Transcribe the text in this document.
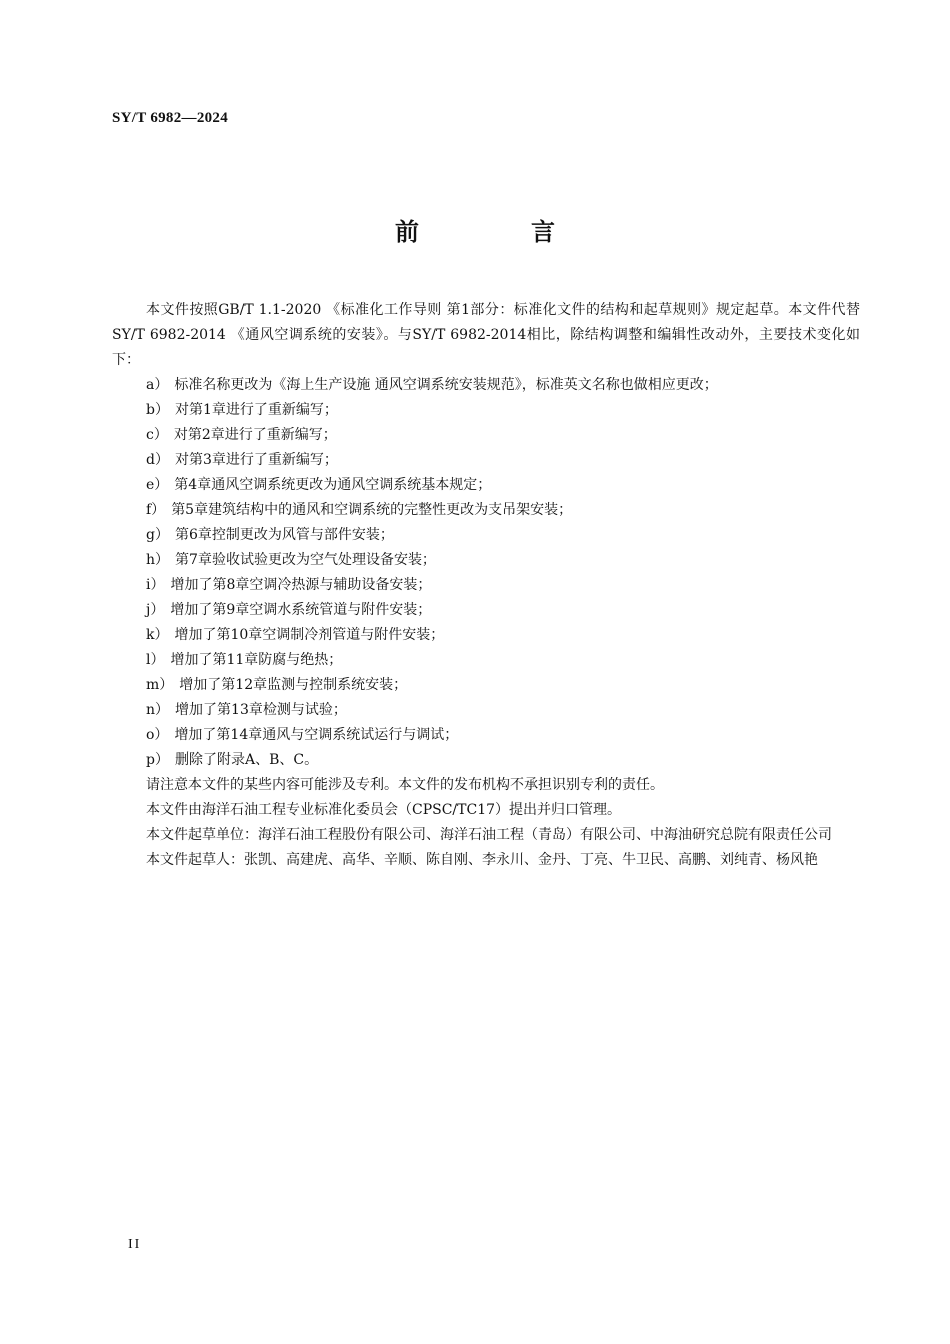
SY/T 6982—2024
前　言

本文件按照GB/T 1.1-2020 《标准化工作导则 第1部分：标准化文件的结构和起草规则》规定起草。本文件代替SY/T 6982-2014 《通风空调系统的安装》。与SY/T 6982-2014相比，除结构调整和编辑性改动外，主要技术变化如下：

a） 标准名称更改为《海上生产设施 通风空调系统安装规范》，标准英文名称也做相应更改；
b） 对第1章进行了重新编写；
c） 对第2章进行了重新编写；
d） 对第3章进行了重新编写；
e） 第4章通风空调系统更改为通风空调系统基本规定；
f） 第5章建筑结构中的通风和空调系统的完整性更改为支吊架安装；
g） 第6章控制更改为风管与部件安装；
h） 第7章验收试验更改为空气处理设备安装；
i） 增加了第8章空调冷热源与辅助设备安装；
j） 增加了第9章空调水系统管道与附件安装；
k） 增加了第10章空调制冷剂管道与附件安装；
l） 增加了第11章防腐与绝热；
m） 增加了第12章监测与控制系统安装；
n） 增加了第13章检测与试验；
o） 增加了第14章通风与空调系统试运行与调试；
p） 删除了附录A、B、C。

请注意本文件的某些内容可能涉及专利。本文件的发布机构不承担识别专利的责任。

本文件由海洋石油工程专业标准化委员会（CPSC/TC17）提出并归口管理。

本文件起草单位：海洋石油工程股份有限公司、海洋石油工程（青岛）有限公司、中海油研究总院有限责任公司

本文件起草人：张凯、高建虎、高华、辛顺、陈自刚、李永川、金丹、丁亮、牛卫民、高鹏、刘纯青、杨风艳

II
